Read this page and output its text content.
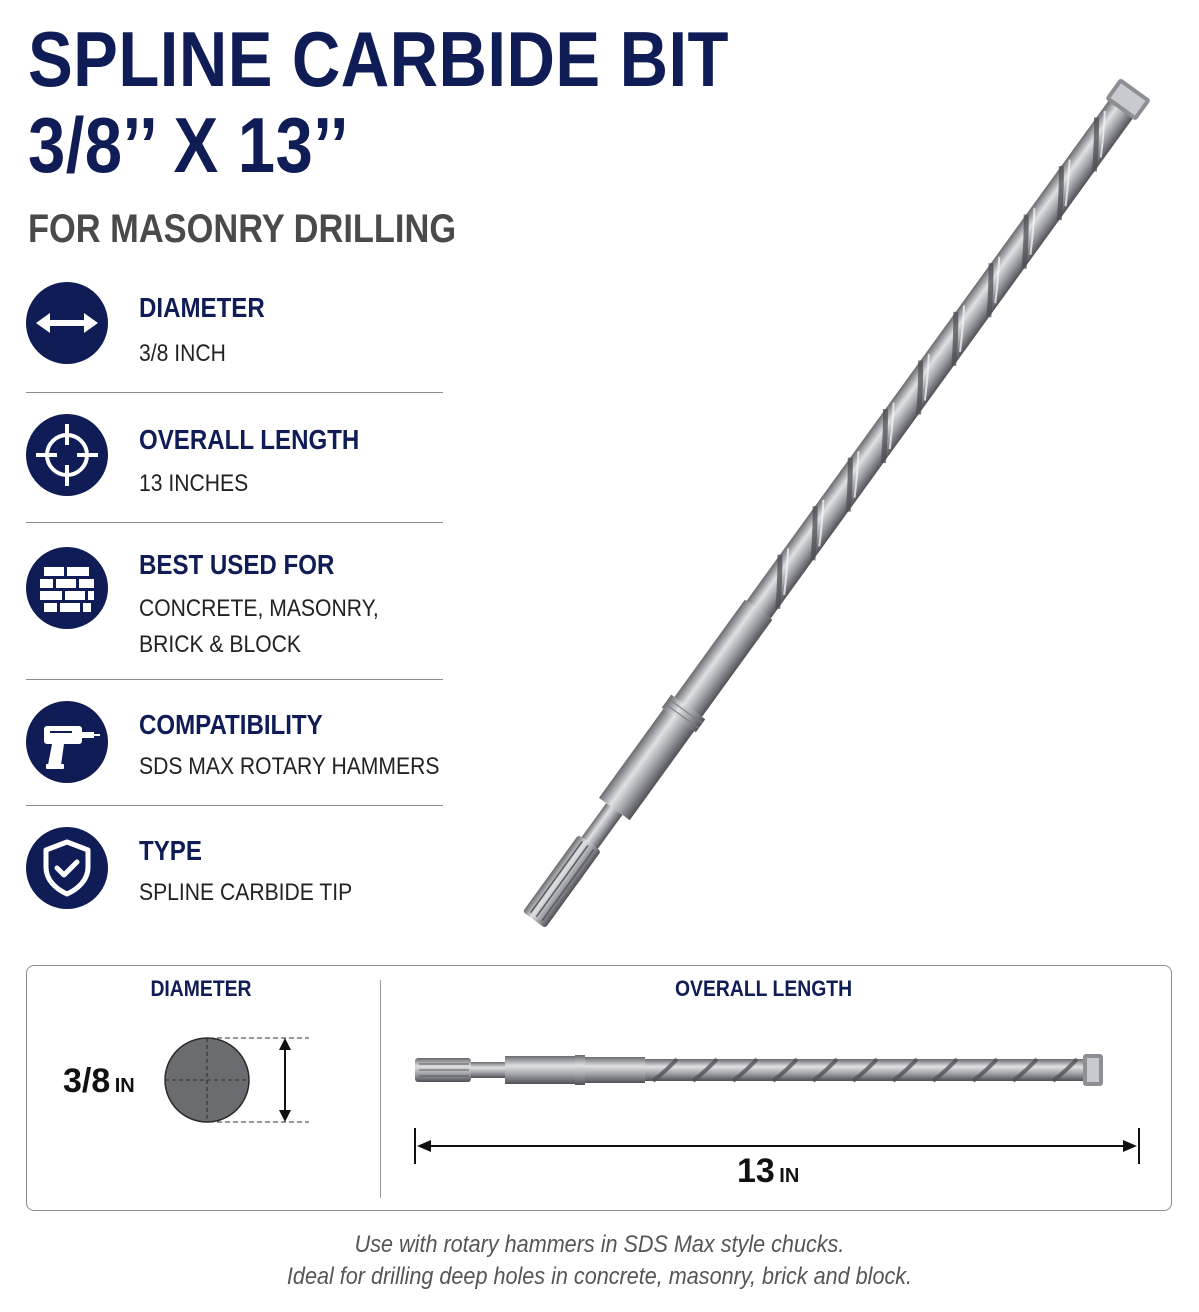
SPLINE CARBIDE BIT
3/8’’ X 13’’
FOR MASONRY DRILLING
DIAMETER
3/8 INCH
OVERALL LENGTH
13 INCHES
BEST USED FOR
CONCRETE, MASONRY,
BRICK & BLOCK
COMPATIBILITY
SDS MAX ROTARY HAMMERS
TYPE
SPLINE CARBIDE TIP
DIAMETER
3/8 IN
OVERALL LENGTH
13 IN
Use with rotary hammers in SDS Max style chucks.
Ideal for drilling deep holes in concrete, masonry, brick and block.
